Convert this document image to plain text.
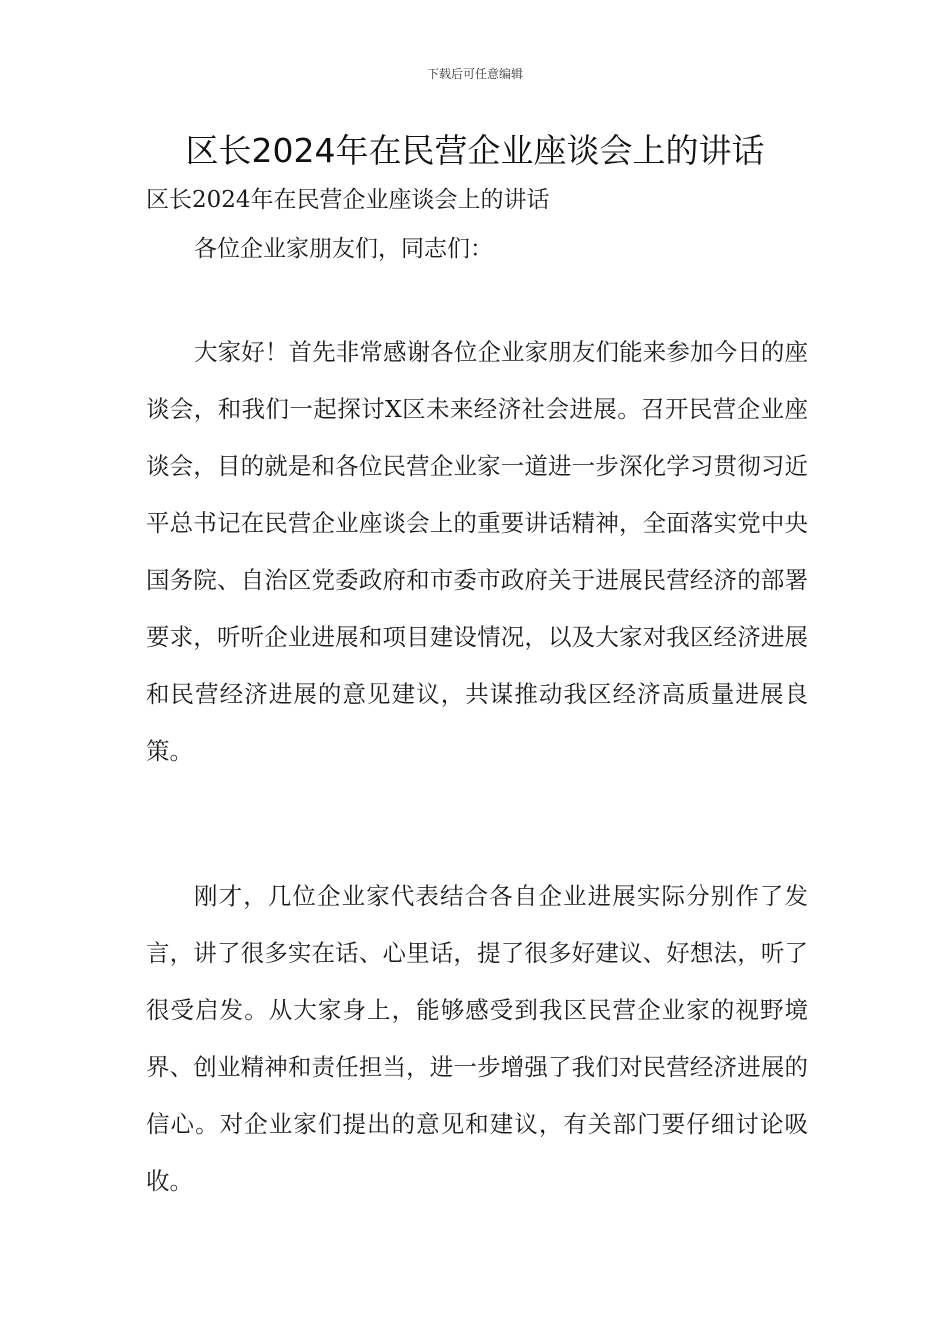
下载后可任意编辑
区长2024年在民营企业座谈会上的讲话
区长2024年在民营企业座谈会上的讲话
各位企业家朋友们，同志们：

大家好！首先非常感谢各位企业家朋友们能来参加今日的座谈会，和我们一起探讨X区未来经济社会进展。召开民营企业座谈会，目的就是和各位民营企业家一道进一步深化学习贯彻习近平总书记在民营企业座谈会上的重要讲话精神，全面落实党中央国务院、自治区党委政府和市委市政府关于进展民营经济的部署要求，听听企业进展和项目建设情况，以及大家对我区经济进展和民营经济进展的意见建议，共谋推动我区经济高质量进展良策。

刚才，几位企业家代表结合各自企业进展实际分别作了发言，讲了很多实在话、心里话，提了很多好建议、好想法，听了很受启发。从大家身上，能够感受到我区民营企业家的视野境界、创业精神和责任担当，进一步增强了我们对民营经济进展的信心。对企业家们提出的意见和建议，有关部门要仔细讨论吸收。
